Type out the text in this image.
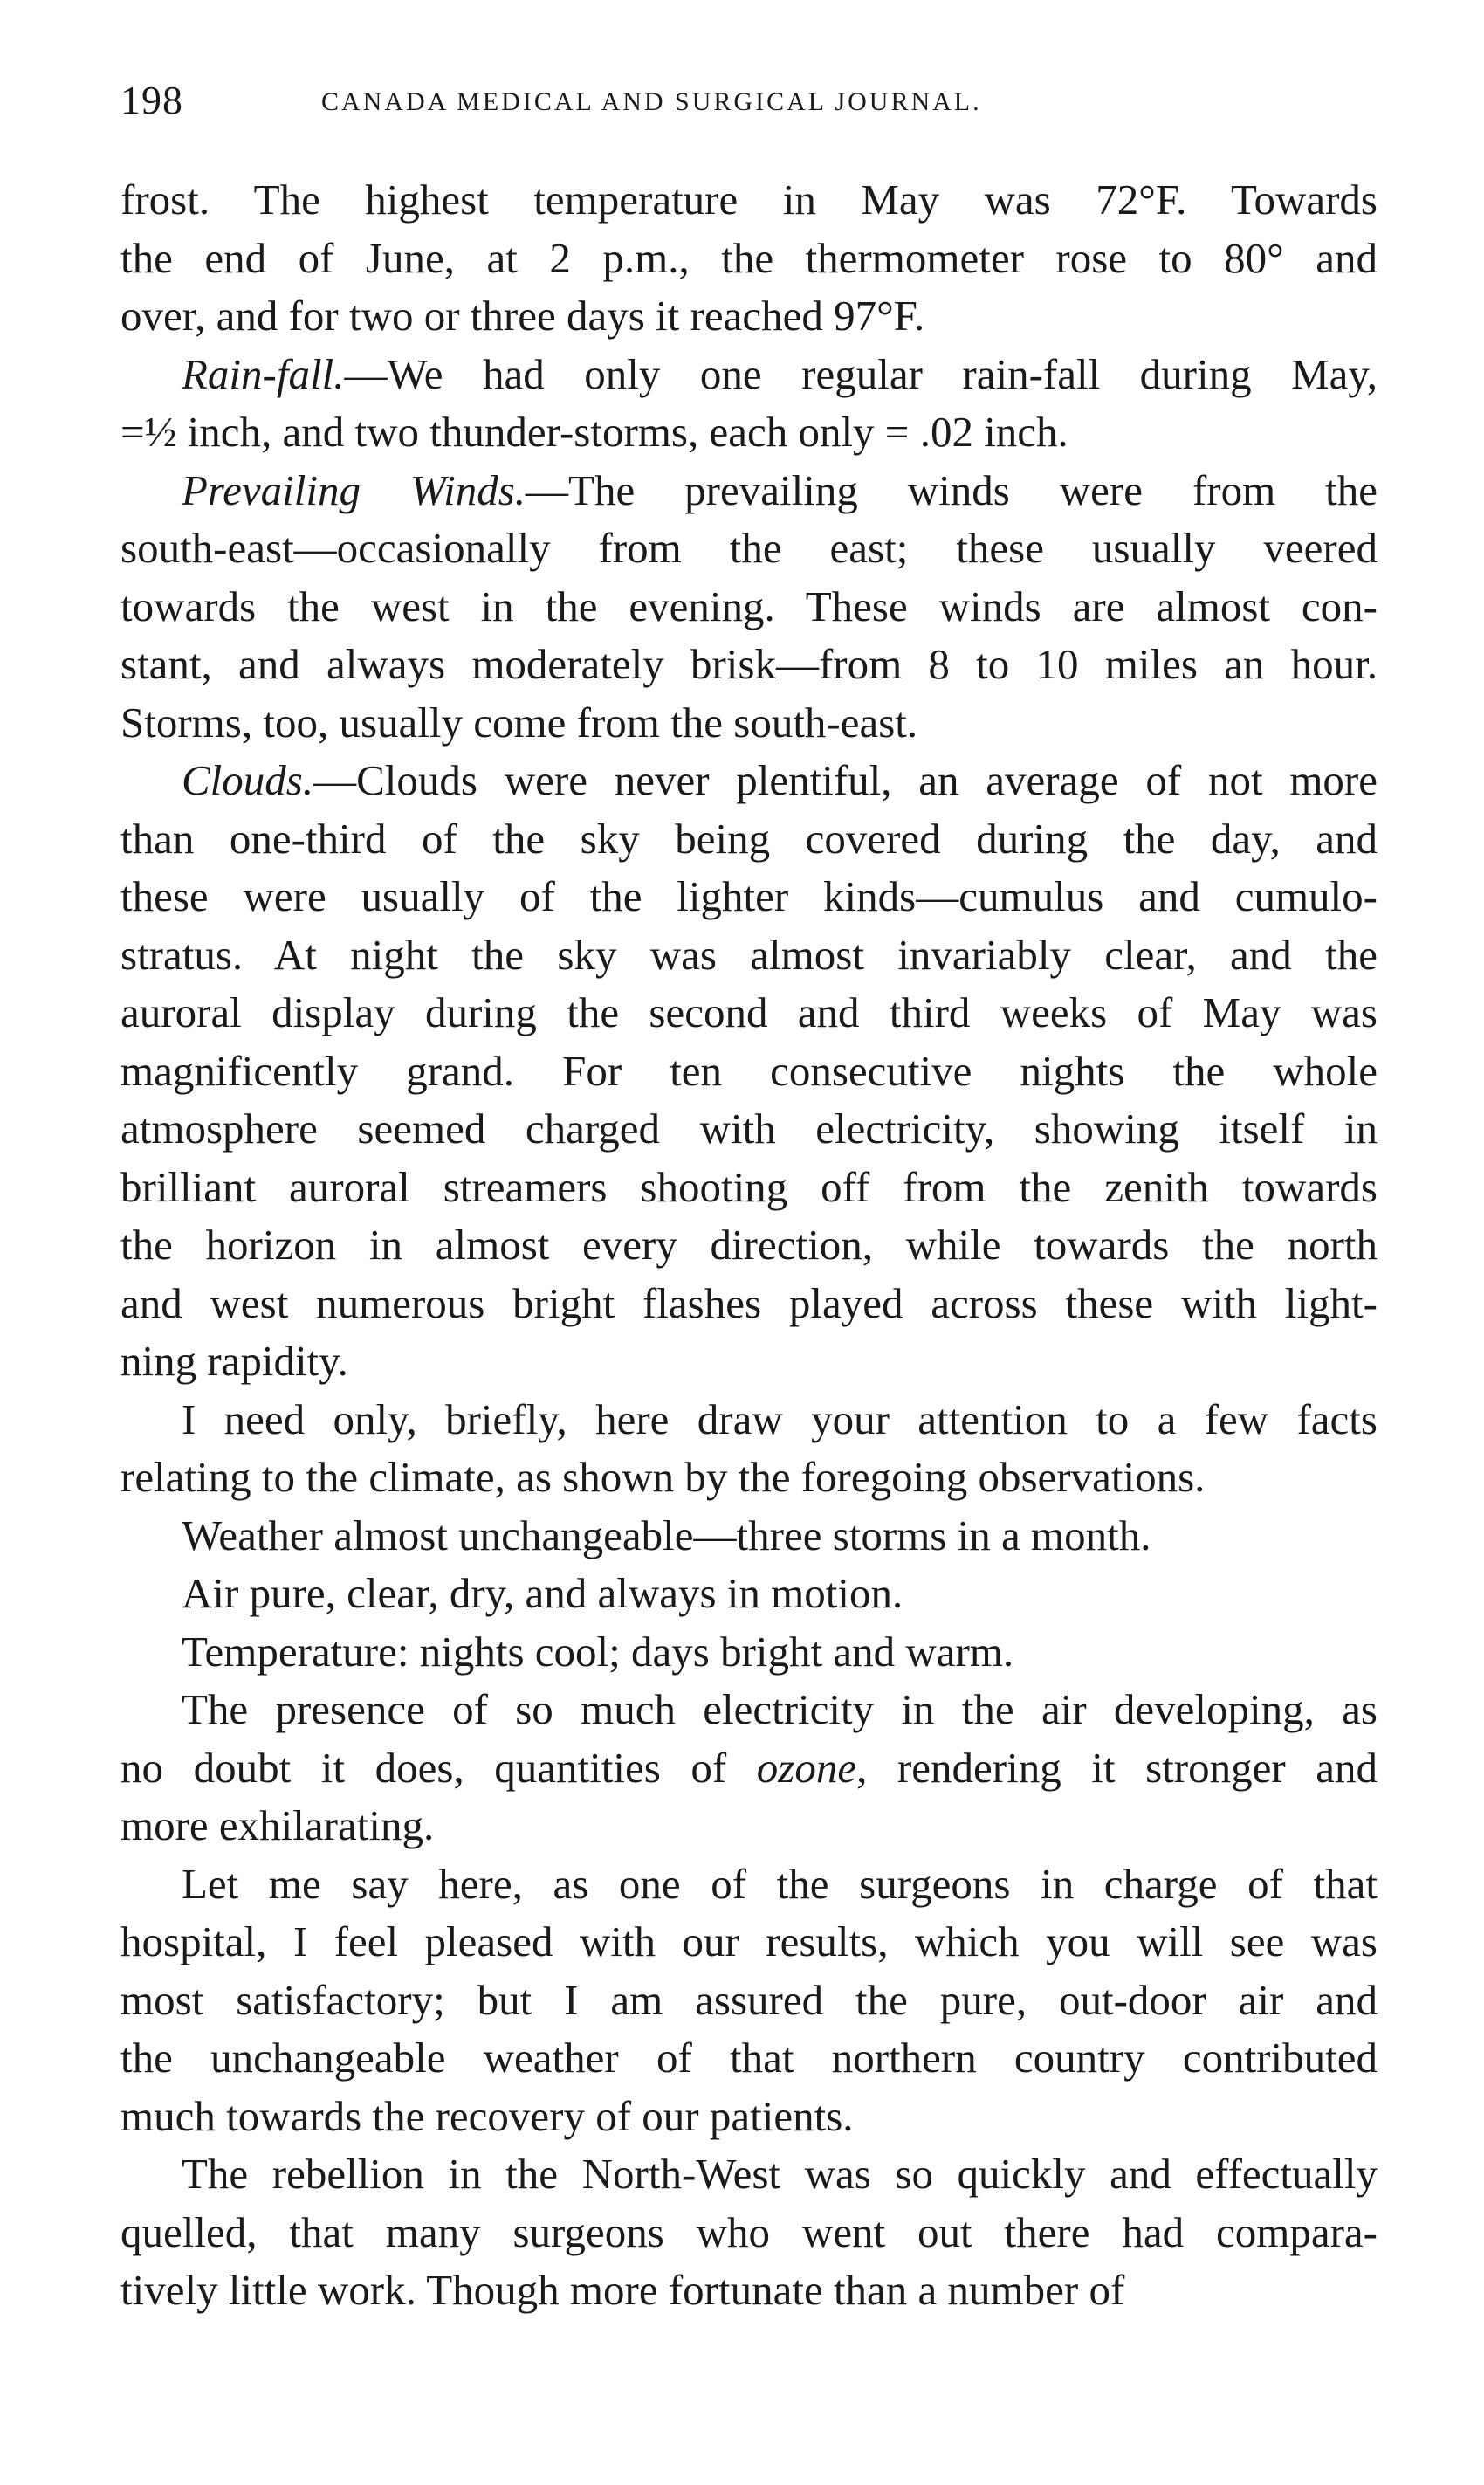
198	CANADA MEDICAL AND SURGICAL JOURNAL.

frost. The highest temperature in May was 72°F. Towards
the end of June, at 2 p.m., the thermometer rose to 80° and
over, and for two or three days it reached 97°F.

Rain-fall.—We had only one regular rain-fall during May,
=½ inch, and two thunder-storms, each only = .02 inch.

Prevailing Winds.—The prevailing winds were from the
south-east—occasionally from the east; these usually veered
towards the west in the evening. These winds are almost con-
stant, and always moderately brisk—from 8 to 10 miles an hour.
Storms, too, usually come from the south-east.

Clouds.—Clouds were never plentiful, an average of not more
than one-third of the sky being covered during the day, and
these were usually of the lighter kinds—cumulus and cumulo-
stratus. At night the sky was almost invariably clear, and the
auroral display during the second and third weeks of May was
magnificently grand. For ten consecutive nights the whole
atmosphere seemed charged with electricity, showing itself in
brilliant auroral streamers shooting off from the zenith towards
the horizon in almost every direction, while towards the north
and west numerous bright flashes played across these with light-
ning rapidity.

I need only, briefly, here draw your attention to a few facts
relating to the climate, as shown by the foregoing observations.

Weather almost unchangeable—three storms in a month.

Air pure, clear, dry, and always in motion.

Temperature: nights cool; days bright and warm.

The presence of so much electricity in the air developing, as
no doubt it does, quantities of ozone, rendering it stronger and
more exhilarating.

Let me say here, as one of the surgeons in charge of that
hospital, I feel pleased with our results, which you will see was
most satisfactory; but I am assured the pure, out-door air and
the unchangeable weather of that northern country contributed
much towards the recovery of our patients.

The rebellion in the North-West was so quickly and effectually
quelled, that many surgeons who went out there had compara-
tively little work. Though more fortunate than a number of
